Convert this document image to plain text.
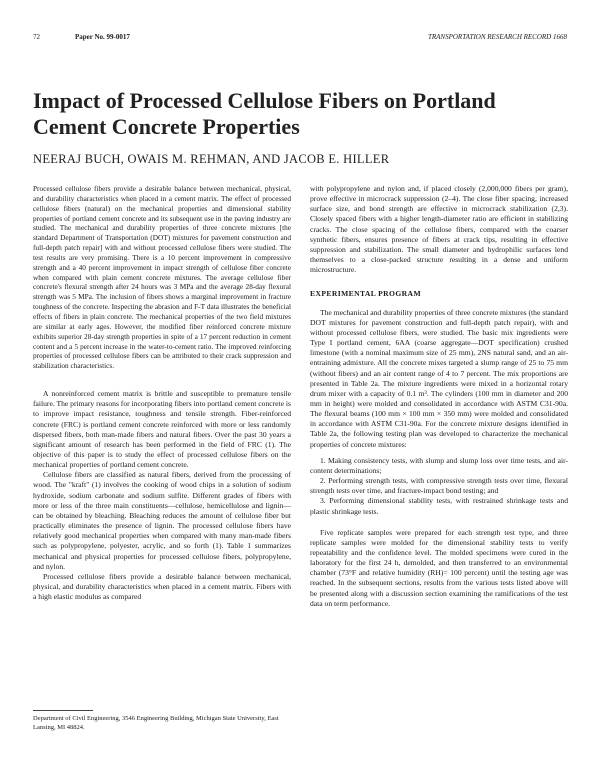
72	Paper No. 99-0017	TRANSPORTATION RESEARCH RECORD 1668
Impact of Processed Cellulose Fibers on Portland Cement Concrete Properties

NEERAJ BUCH, OWAIS M. REHMAN, AND JACOB E. HILLER

Processed cellulose fibers provide a desirable balance between mechanical, physical, and durability characteristics when placed in a cement matrix. The effect of processed cellulose fibers (natural) on the mechanical properties and dimensional stability properties of portland cement concrete and its subsequent use in the paving industry are studied. The mechanical and durability properties of three concrete mixtures [the standard Department of Transportation (DOT) mixtures for pavement construction and full-depth patch repair] with and without processed cellulose fibers were studied. The test results are very promising. There is a 10 percent improvement in compressive strength and a 40 percent improvement in impact strength of cellulose fiber concrete when compared with plain cement concrete mixtures. The average cellulose fiber concrete's flexural strength after 24 hours was 3 MPa and the average 28-day flexural strength was 5 MPa. The inclusion of fibers shows a marginal improvement in fracture toughness of the concrete. Inspecting the abrasion and F-T data illustrates the beneficial effects of fibers in plain concrete. The mechanical properties of the two field mixtures are similar at early ages. However, the modified fiber reinforced concrete mixture exhibits superior 28-day strength properties in spite of a 17 percent reduction in cement content and a 5 percent increase in the water-to-cement ratio. The improved reinforcing properties of processed cellulose fibers can be attributed to their crack suppression and stabilization characteristics.

A nonreinforced cement matrix is brittle and susceptible to premature tensile failure. The primary reasons for incorporating fibers into portland cement concrete is to improve impact resistance, toughness and tensile strength. Fiber-reinforced concrete (FRC) is portland cement concrete reinforced with more or less randomly dispersed fibers, both man-made fibers and natural fibers. Over the past 30 years a significant amount of research has been performed in the field of FRC (1). The objective of this paper is to study the effect of processed cellulose fibers on the mechanical properties of portland cement concrete.

Cellulose fibers are classified as natural fibers, derived from the processing of wood. The "kraft" (1) involves the cooking of wood chips in a solution of sodium hydroxide, sodium carbonate and sodium sulfite. Different grades of fibers with more or less of the three main constituents—cellulose, hemicellulose and lignin—can be obtained by bleaching. Bleaching reduces the amount of cellulose fiber but practically eliminates the presence of lignin. The processed cellulose fibers have relatively good mechanical properties when compared with many man-made fibers such as polypropylene, polyester, acrylic, and so forth (1). Table 1 summarizes mechanical and physical properties for processed cellulose fibers, polypropylene, and nylon.

Processed cellulose fibers provide a desirable balance between mechanical, physical, and durability characteristics when placed in a cement matrix. Fibers with a high elastic modulus as compared

Department of Civil Engineering, 3546 Engineering Building, Michigan State University, East Lansing, MI 48824.

with polypropylene and nylon and, if placed closely (2,000,000 fibers per gram), prove effective in microcrack suppression (2–4). The close fiber spacing, increased surface size, and bond strength are effective in microcrack stabilization (2,3). Closely spaced fibers with a higher length-diameter ratio are efficient in stabilizing cracks. The close spacing of the cellulose fibers, compared with the coarser synthetic fibers, ensures presence of fibers at crack tips, resulting in effective suppression and stabilization. The small diameter and hydrophilic surfaces lend themselves to a close-packed structure resulting in a dense and uniform microstructure.

EXPERIMENTAL PROGRAM

The mechanical and durability properties of three concrete mixtures (the standard DOT mixtures for pavement construction and full-depth patch repair), with and without processed cellulose fibers, were studied. The basic mix ingredients were Type I portland cement, 6AA (coarse aggregate—DOT specification) crushed limestone (with a nominal maximum size of 25 mm), 2NS natural sand, and an air-entraining admixture. All the concrete mixes targeted a slump range of 25 to 75 mm (without fibers) and an air content range of 4 to 7 percent. The mix proportions are presented in Table 2a. The mixture ingredients were mixed in a horizontal rotary drum mixer with a capacity of 0.1 m³. The cylinders (100 mm in diameter and 200 mm in height) were molded and consolidated in accordance with ASTM C31-90a. The flexural beams (100 mm × 100 mm × 350 mm) were molded and consolidated in accordance with ASTM C31-90a. For the concrete mixture designs identified in Table 2a, the following testing plan was developed to characterize the mechanical properties of concrete mixtures:

1. Making consistency tests, with slump and slump loss over time tests, and air-content determinations;

2. Performing strength tests, with compressive strength tests over time, flexural strength tests over time, and fracture-impact bond testing; and

3. Performing dimensional stability tests, with restrained shrinkage tests and plastic shrinkage tests.

Five replicate samples were prepared for each strength test type, and three replicate samples were molded for the dimensional stability tests to verify repeatability and the confidence level. The molded specimens were cured in the laboratory for the first 24 h, demolded, and then transferred to an environmental chamber (73°F and relative humidity (RH)= 100 percent) until the testing age was reached. In the subsequent sections, results from the various tests listed above will be presented along with a discussion section examining the ramifications of the test data on term performance.
